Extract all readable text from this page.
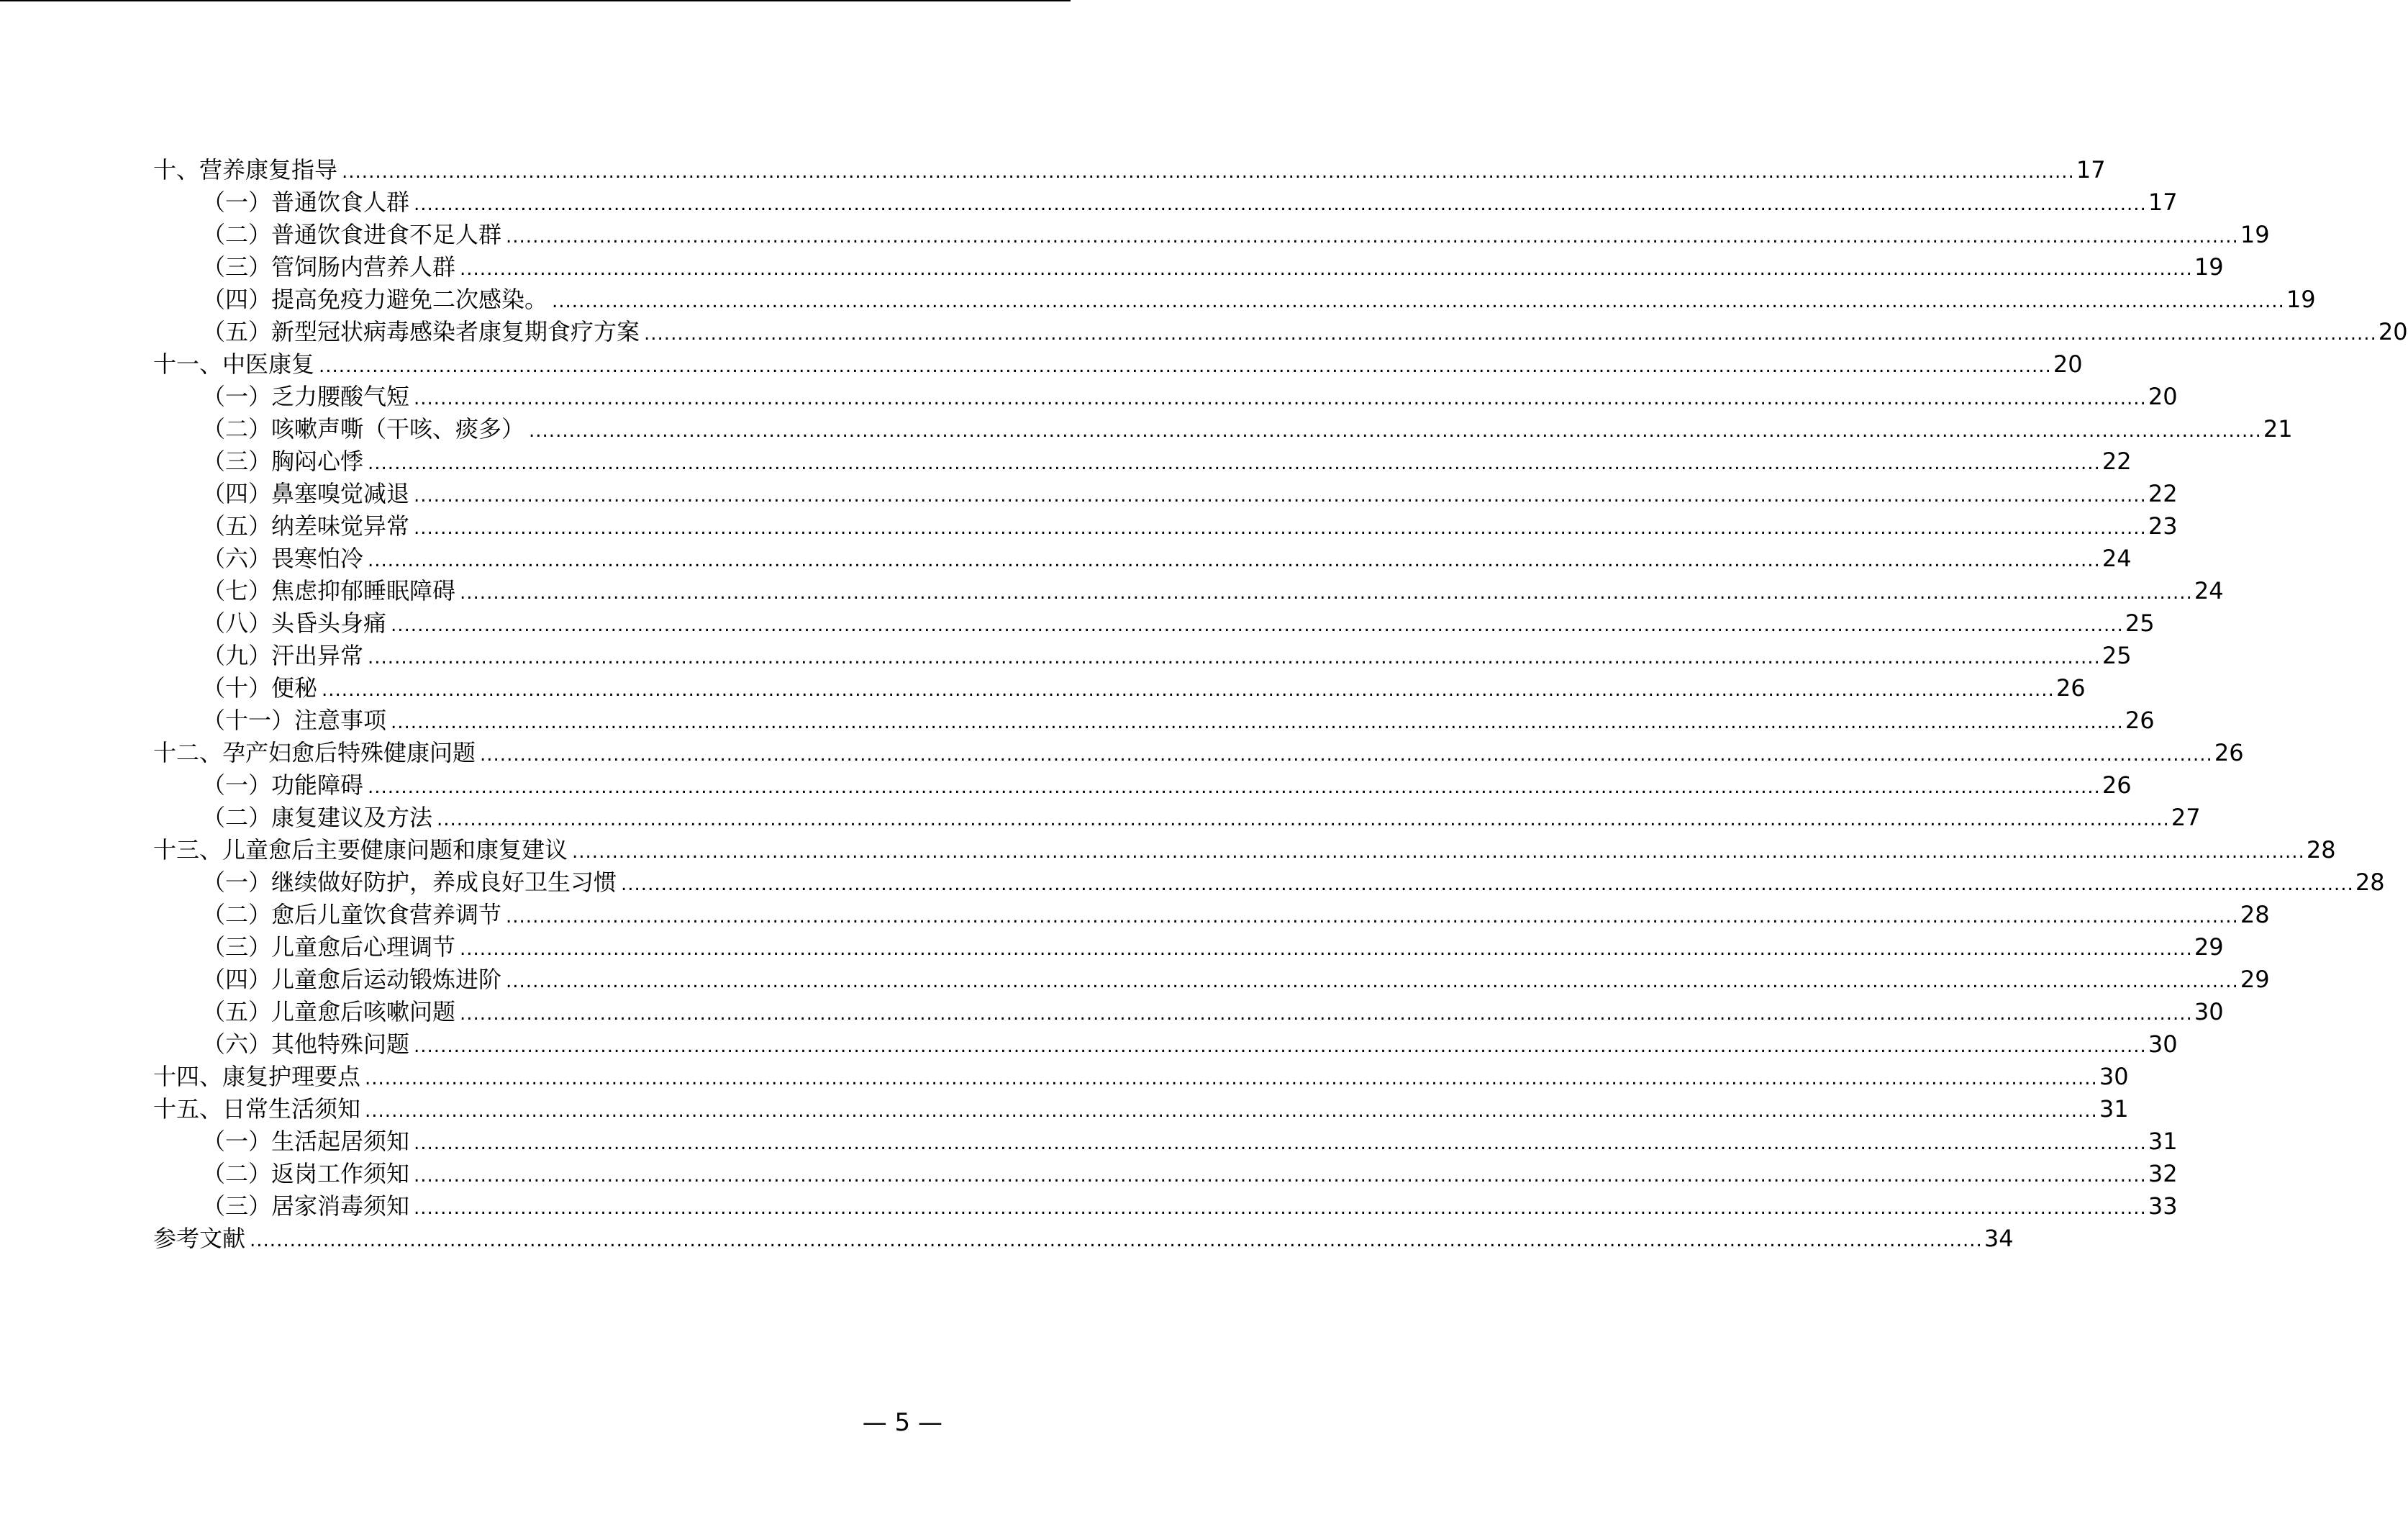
十、营养康复指导 .................................................................................................................................................................................................................................................................... 17
（一）普通饮食人群 .................................................................................................................................................................................................................................................................... 17
（二）普通饮食进食不足人群 .................................................................................................................................................................................................................................................................... 19
（三）管饲肠内营养人群 .................................................................................................................................................................................................................................................................... 19
（四）提高免疫力避免二次感染。 .................................................................................................................................................................................................................................................................... 19
（五）新型冠状病毒感染者康复期食疗方案 .................................................................................................................................................................................................................................................................... 20
十一、中医康复 .................................................................................................................................................................................................................................................................... 20
（一）乏力腰酸气短 .................................................................................................................................................................................................................................................................... 20
（二）咳嗽声嘶（干咳、痰多） .................................................................................................................................................................................................................................................................... 21
（三）胸闷心悸 .................................................................................................................................................................................................................................................................... 22
（四）鼻塞嗅觉减退 .................................................................................................................................................................................................................................................................... 22
（五）纳差味觉异常 .................................................................................................................................................................................................................................................................... 23
（六）畏寒怕冷 .................................................................................................................................................................................................................................................................... 24
（七）焦虑抑郁睡眠障碍 .................................................................................................................................................................................................................................................................... 24
（八）头昏头身痛 .................................................................................................................................................................................................................................................................... 25
（九）汗出异常 .................................................................................................................................................................................................................................................................... 25
（十）便秘 .................................................................................................................................................................................................................................................................... 26
（十一）注意事项 .................................................................................................................................................................................................................................................................... 26
十二、孕产妇愈后特殊健康问题 .................................................................................................................................................................................................................................................................... 26
（一）功能障碍 .................................................................................................................................................................................................................................................................... 26
（二）康复建议及方法 .................................................................................................................................................................................................................................................................... 27
十三、儿童愈后主要健康问题和康复建议 .................................................................................................................................................................................................................................................................... 28
（一）继续做好防护，养成良好卫生习惯 .................................................................................................................................................................................................................................................................... 28
（二）愈后儿童饮食营养调节 .................................................................................................................................................................................................................................................................... 28
（三）儿童愈后心理调节 .................................................................................................................................................................................................................................................................... 29
（四）儿童愈后运动锻炼进阶 .................................................................................................................................................................................................................................................................... 29
（五）儿童愈后咳嗽问题 .................................................................................................................................................................................................................................................................... 30
（六）其他特殊问题 .................................................................................................................................................................................................................................................................... 30
十四、康复护理要点 .................................................................................................................................................................................................................................................................... 30
十五、日常生活须知 .................................................................................................................................................................................................................................................................... 31
（一）生活起居须知 .................................................................................................................................................................................................................................................................... 31
（二）返岗工作须知 .................................................................................................................................................................................................................................................................... 32
（三）居家消毒须知 .................................................................................................................................................................................................................................................................... 33
参考文献 .................................................................................................................................................................................................................................................................... 34
— 5 —
